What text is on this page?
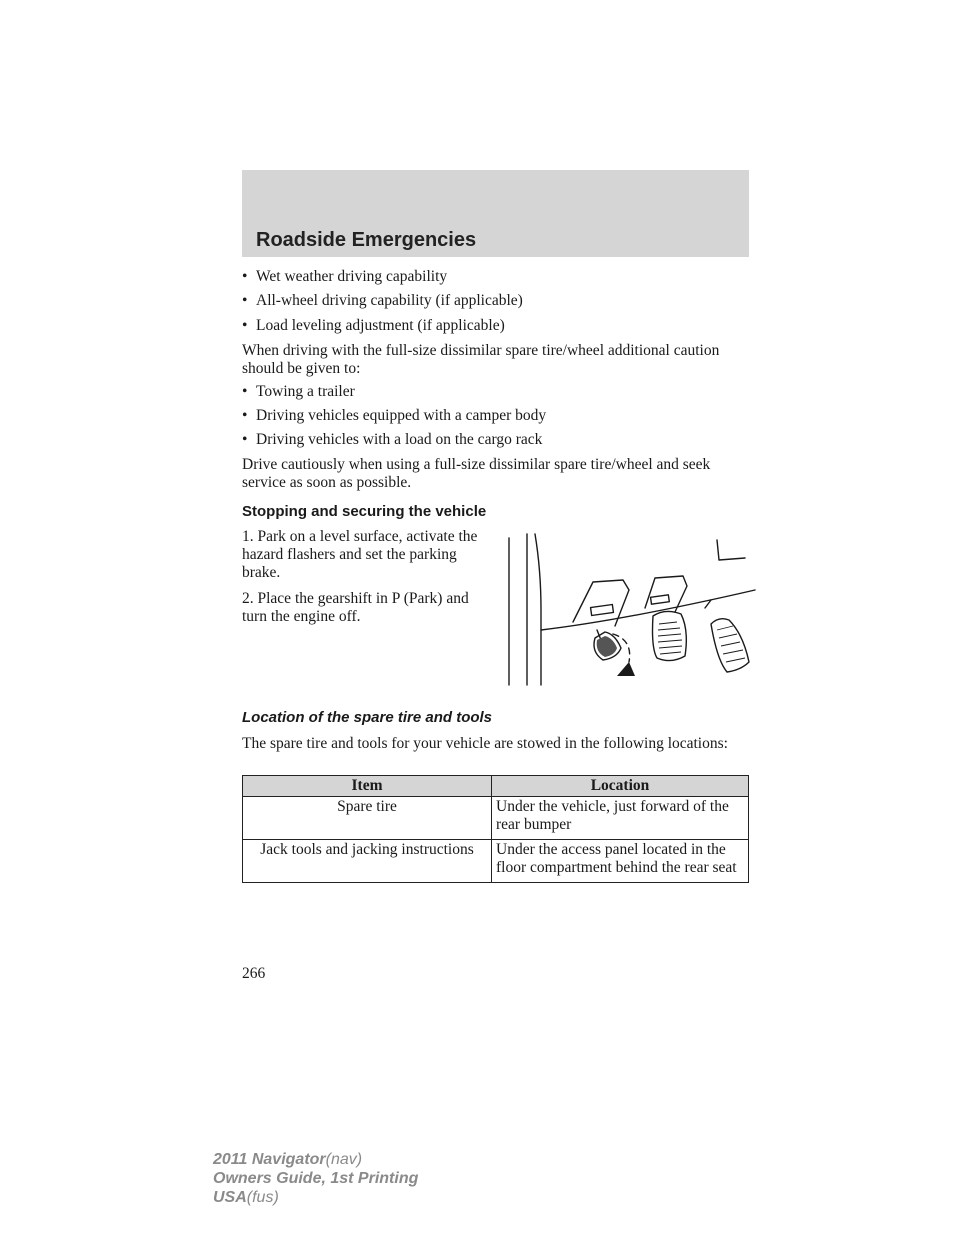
Roadside Emergencies
• Wet weather driving capability
• All-wheel driving capability (if applicable)
• Load leveling adjustment (if applicable)
When driving with the full-size dissimilar spare tire/wheel additional caution should be given to:
• Towing a trailer
• Driving vehicles equipped with a camper body
• Driving vehicles with a load on the cargo rack
Drive cautiously when using a full-size dissimilar spare tire/wheel and seek service as soon as possible.
Stopping and securing the vehicle
1. Park on a level surface, activate the hazard flashers and set the parking brake.
2. Place the gearshift in P (Park) and turn the engine off.
Location of the spare tire and tools
The spare tire and tools for your vehicle are stowed in the following locations:
Item	Location
Spare tire	Under the vehicle, just forward of the rear bumper
Jack tools and jacking instructions	Under the access panel located in the floor compartment behind the rear seat
266
2011 Navigator(nav)
Owners Guide, 1st Printing
USA(fus)
